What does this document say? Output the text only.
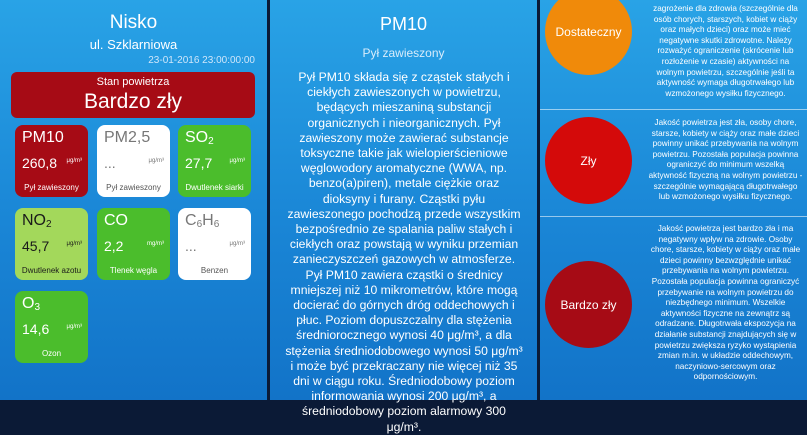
Nisko
ul. Szklarniowa
23-01-2016 23:00:00:00
Stan powietrza
Bardzo zły
PM10
260,8 μg/m³
Pył zawieszony
PM2,5
...	μg/m³
Pył zawieszony
$SO_2$
27,7	μg/m³
Dwutlenek siarki
$NO_2$
45,7	μg/m³
Dwutlenek azotu
CO
2,2	mg/m³
Tlenek węgla
$C_6H_6$
...	μg/m³
Benzen
$O_3$
14,6	μg/m³
Ozon
PM10
Pył zawieszony
Pył PM10 składa się z cząstek stałych i ciekłych zawieszonych w powietrzu, będących mieszaniną substancji organicznych i nieorganicznych. Pył zawieszony może zawierać substancje toksyczne takie jak wielopierścieniowe węglowodory aromatyczne (WWA, np. benzo(a)piren), metale ciężkie oraz dioksyny i furany. Cząstki pyłu zawieszonego pochodzą przede wszystkim bezpośrednio ze spalania paliw stałych i ciekłych oraz powstają w wyniku przemian zanieczyszczeń gazowych w atmosferze. Pył PM10 zawiera cząstki o średnicy mniejszej niż 10 mikrometrów, które mogą docierać do górnych dróg oddechowych i płuc. Poziom dopuszczalny dla stężenia średniorocznego wynosi 40 μg/m³, a dla stężenia średniodobowego wynosi 50 μg/m³ i może być przekraczany nie więcej niż 35 dni w ciągu roku. Średniodobowy poziom informowania wynosi 200 μg/m³, a średniodobowy poziom alarmowy 300 μg/m³.
zagrożenie dla zdrowia (szczególnie dla osób chorych, starszych, kobiet w ciąży oraz małych dzieci) oraz może mieć negatywne skutki zdrowotne. Należy rozważyć ograniczenie (skrócenie lub rozłożenie w czasie) aktywności na wolnym powietrzu, szczególnie jeśli ta aktywność wymaga długotrwałego lub wzmożonego wysiłku fizycznego.
Dostateczny
Zły
Jakość powietrza jest zła, osoby chore, starsze, kobiety w ciąży oraz małe dzieci powinny unikać przebywania na wolnym powietrzu. Pozostała populacja powinna ograniczyć do minimum wszelką aktywność fizyczną na wolnym powietrzu - szczególnie wymagającą długotrwałego lub wzmożonego wysiłku fizycznego.
Bardzo zły
Jakość powietrza jest bardzo zła i ma negatywny wpływ na zdrowie. Osoby chore, starsze, kobiety w ciąży oraz małe dzieci powinny bezwzględnie unikać przebywania na wolnym powietrzu. Pozostała populacja powinna ograniczyć przebywanie na wolnym powietrzu do niezbędnego minimum. Wszelkie aktywności fizyczne na zewnątrz są odradzane. Długotrwała ekspozycja na działanie substancji znajdujących się w powietrzu zwiększa ryzyko wystąpienia zmian m.in. w układzie oddechowym, naczyniowo-sercowym oraz odpornościowym.
